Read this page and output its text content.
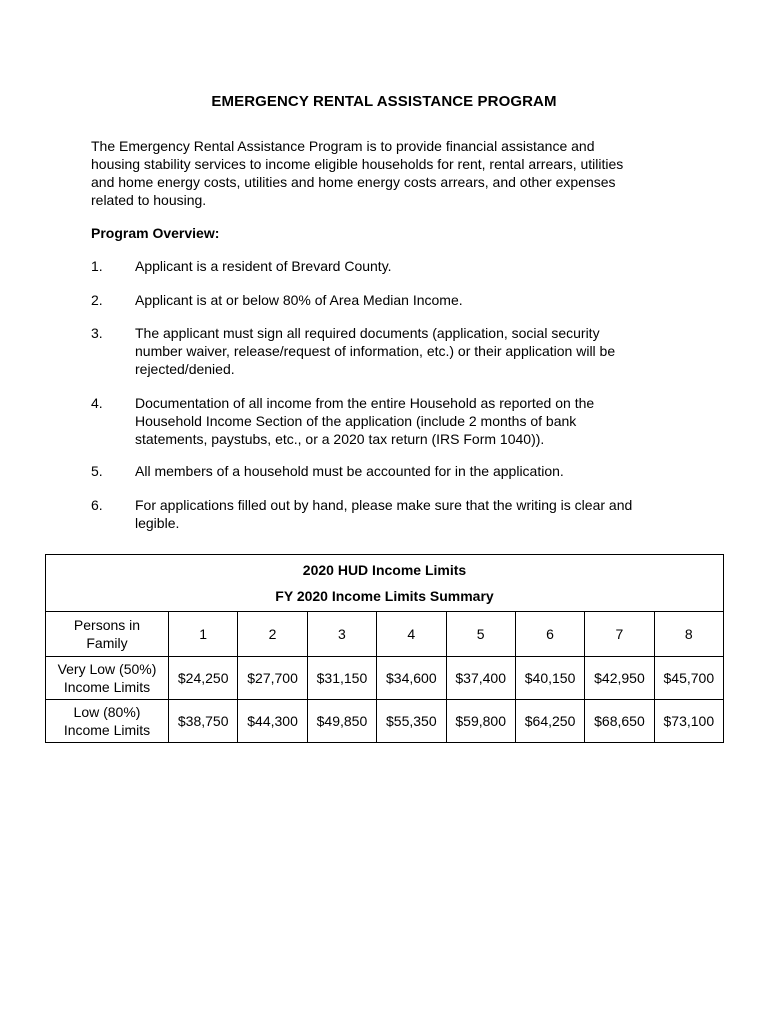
EMERGENCY RENTAL ASSISTANCE PROGRAM
The Emergency Rental Assistance Program is to provide financial assistance and
housing stability services to income eligible households for rent, rental arrears, utilities
and home energy costs, utilities and home energy costs arrears, and other expenses
related to housing.
Program Overview:
1.	Applicant is a resident of Brevard County.
2.	Applicant is at or below 80% of Area Median Income.
3.	The applicant must sign all required documents (application, social security
number waiver, release/request of information, etc.) or their application will be
rejected/denied.
4.	Documentation of all income from the entire Household as reported on the
Household Income Section of the application (include 2 months of bank
statements, paystubs, etc., or a 2020 tax return (IRS Form 1040)).
5.	All members of a household must be accounted for in the application.
6.	For applications filled out by hand, please make sure that the writing is clear and
legible.
2020 HUD Income Limits
FY 2020 Income Limits Summary								

Persons in
Family	1	2	3	4	5	6	7	8

Very Low (50%)
Income Limits	$24,250	$27,700	$31,150	$34,600	$37,400	$40,150	$42,950	$45,700

Low (80%)
Income Limits	$38,750	$44,300	$49,850	$55,350	$59,800	$64,250	$68,650	$73,100
